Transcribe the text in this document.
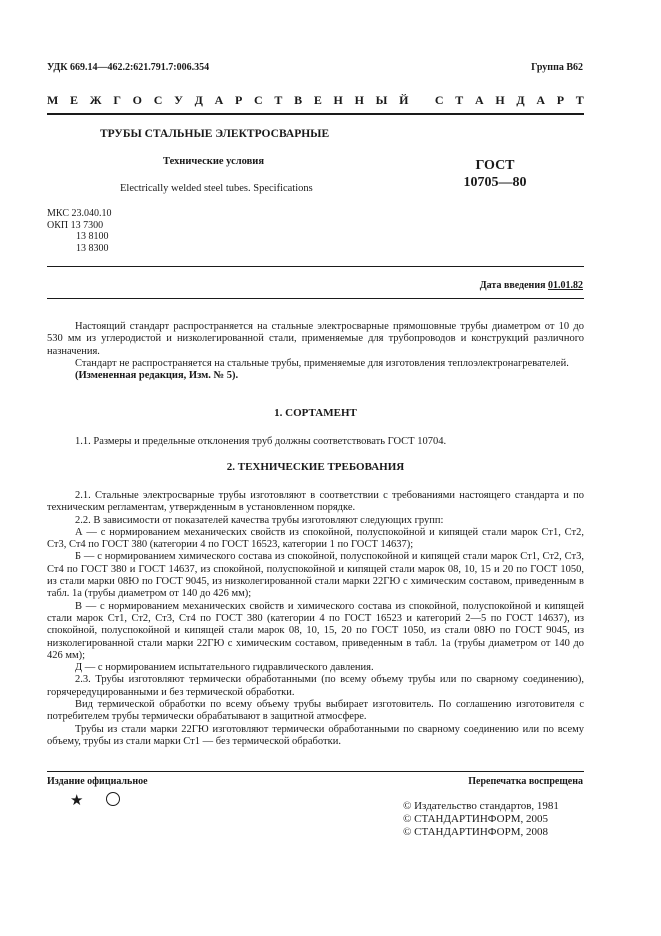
УДК 669.14—462.2:621.791.7:006.354	Группа В62
М Е Ж Г О С У Д А Р С Т В Е Н Н Ы Й
С Т А Н Д А Р Т
ТРУБЫ СТАЛЬНЫЕ ЭЛЕКТРОСВАРНЫЕ
Технические условия
Electrically welded steel tubes. Specifications
ГОСТ
10705—80
МКС 23.040.10
ОКП 13 7300
13 8100
13 8300
Дата введения 01.01.82

Настоящий стандарт распространяется на стальные электросварные прямошовные трубы диаметром от 10 до 530 мм из углеродистой и низколегированной стали, применяемые для трубопроводов и конструкций различного назначения.

Стандарт не распространяется на стальные трубы, применяемые для изготовления теплоэлектронагревателей.

(Измененная редакция, Изм. № 5).

1. СОРТАМЕНТ

1.1. Размеры и предельные отклонения труб должны соответствовать ГОСТ 10704.

2. ТЕХНИЧЕСКИЕ ТРЕБОВАНИЯ

2.1. Стальные электросварные трубы изготовляют в соответствии с требованиями настоящего стандарта и по техническим регламентам, утвержденным в установленном порядке.

2.2. В зависимости от показателей качества трубы изготовляют следующих групп:

А — с нормированием механических свойств из спокойной, полуспокойной и кипящей стали марок Ст1, Ст2, Ст3, Ст4 по ГОСТ 380 (категории 4 по ГОСТ 16523, категории 1 по ГОСТ 14637);

Б — с нормированием химического состава из спокойной, полуспокойной и кипящей стали марок Ст1, Ст2, Ст3, Ст4 по ГОСТ 380 и ГОСТ 14637, из спокойной, полуспокойной и кипящей стали марок 08, 10, 15 и 20 по ГОСТ 1050, из стали марки 08Ю по ГОСТ 9045, из низколегированной стали марки 22ГЮ с химическим составом, приведенным в табл. 1а (трубы диаметром от 140 до 426 мм);

В — с нормированием механических свойств и химического состава из спокойной, полуспокойной и кипящей стали марок Ст1, Ст2, Ст3, Ст4 по ГОСТ 380 (категории 4 по ГОСТ 16523 и категорий 2—5 по ГОСТ 14637), из спокойной, полуспокойной и кипящей стали марок 08, 10, 15, 20 по ГОСТ 1050, из стали 08Ю по ГОСТ 9045, из низколегированной стали марки 22ГЮ с химическим составом, приведенным в табл. 1а (трубы диаметром от 140 до 426 мм);

Д — с нормированием испытательного гидравлического давления.

2.3. Трубы изготовляют термически обработанными (по всему объему трубы или по сварному соединению), горячередуцированными и без термической обработки.

Вид термической обработки по всему объему трубы выбирает изготовитель. По соглашению изготовителя с потребителем трубы термически обрабатывают в защитной атмосфере.

Трубы из стали марки 22ГЮ изготовляют термически обработанными по сварному соединению или по всему объему, трубы из стали марки Ст1 — без термической обработки.

Издание официальное	Перепечатка воспрещена
★	© Издательство стандартов, 1981
© СТАНДАРТИНФОРМ, 2005
© СТАНДАРТИНФОРМ, 2008
